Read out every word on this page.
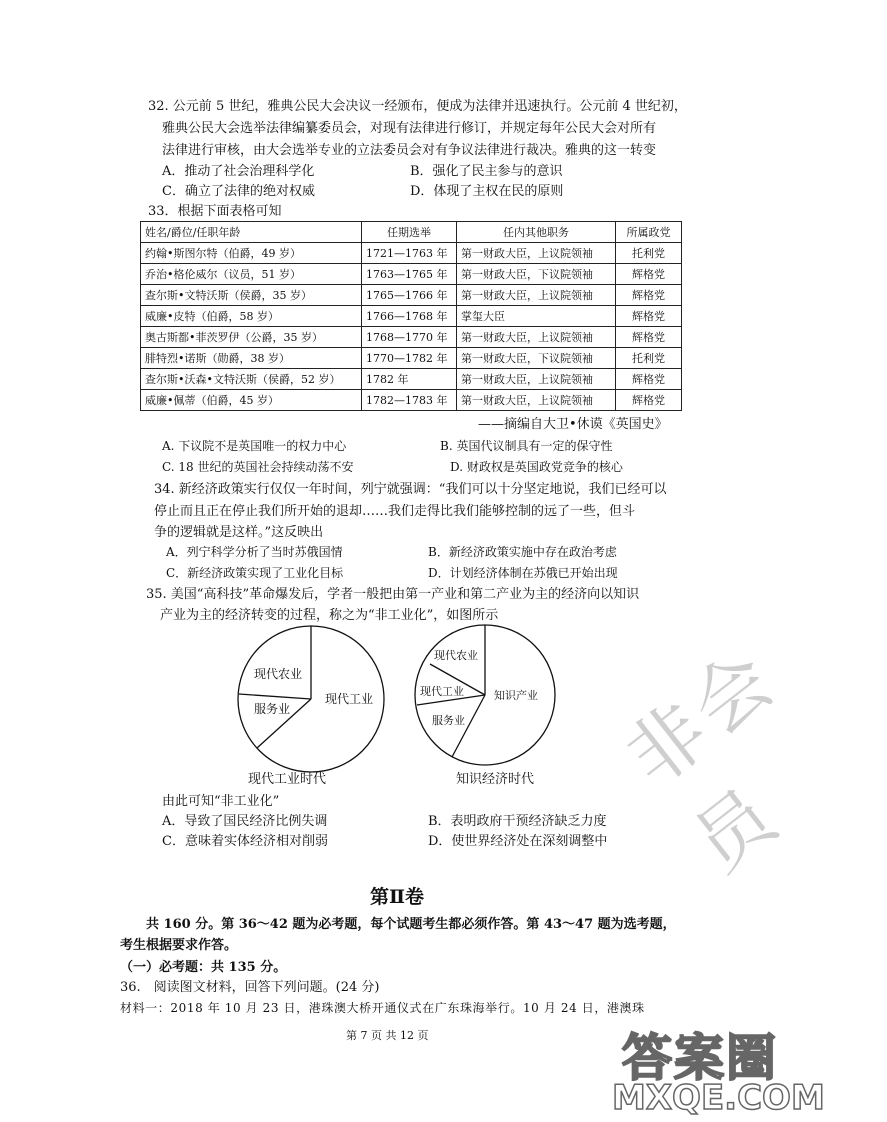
非会员
32. 公元前 5 世纪，雅典公民大会决议一经颁布，便成为法律并迅速执行。公元前 4 世纪初，
雅典公民大会选举法律编纂委员会，对现有法律进行修订，并规定每年公民大会对所有
法律进行审核，由大会选举专业的立法委员会对有争议法律进行裁决。雅典的这一转变
A．推动了社会治理科学化	B．强化了民主参与的意识
C．确立了法律的绝对权威	D．体现了主权在民的原则
33．根据下面表格可知
姓名/爵位/任职年龄	任期选举	任内其他职务	所属政党
约翰•斯图尔特（伯爵，49 岁）	1721—1763 年	第一财政大臣，上议院领袖	托利党
乔治•格伦威尔（议员，51 岁）	1763—1765 年	第一财政大臣，下议院领袖	辉格党
查尔斯•文特沃斯（侯爵，35 岁）	1765—1766 年	第一财政大臣，上议院领袖	辉格党
威廉•皮特（伯爵，58 岁）	1766—1768 年	掌玺大臣	辉格党
奥古斯都•菲茨罗伊（公爵，35 岁）	1768—1770 年	第一财政大臣，上议院领袖	辉格党
腓特烈•诺斯（勋爵，38 岁）	1770—1782 年	第一财政大臣，下议院领袖	托利党
查尔斯•沃森•文特沃斯（侯爵，52 岁）	1782 年	第一财政大臣，上议院领袖	辉格党
威廉•佩蒂（伯爵，45 岁）	1782—1783 年	第一财政大臣，上议院领袖	辉格党
——摘编自大卫•休谟《英国史》
A. 下议院不是英国唯一的权力中心	B. 英国代议制具有一定的保守性
C. 18 世纪的英国社会持续动荡不安	D. 财政权是英国政党竞争的核心
34. 新经济政策实行仅仅一年时间，列宁就强调：“我们可以十分坚定地说，我们已经可以
停止而且正在停止我们所开始的退却……我们走得比我们能够控制的远了一些，但斗
争的逻辑就是这样。”这反映出
A．列宁科学分析了当时苏俄国情	B．新经济政策实施中存在政治考虑
C．新经济政策实现了工业化目标	D．计划经济体制在苏俄已开始出现
35. 美国“高科技”革命爆发后，学者一般把由第一产业和第二产业为主的经济向以知识
产业为主的经济转变的过程，称之为“非工业化”，如图所示
现代农业
服务业
现代工业
现代农业
现代工业
服务业
知识产业
现代工业时代	知识经济时代
由此可知“非工业化”
A．导致了国民经济比例失调	B．表明政府干预经济缺乏力度
C．意味着实体经济相对削弱	D．使世界经济处在深刻调整中
第Ⅱ卷
共 160 分。第 36～42 题为必考题，每个试题考生都必须作答。第 43～47 题为选考题，
考生根据要求作答。
（一）必考题：共 135 分。
36.　阅读图文材料，回答下列问题。(24 分)
材料一：2018 年 10 月 23 日，港珠澳大桥开通仪式在广东珠海举行。10 月 24 日，港澳珠
第 7 页 共 12 页	答案圈
MXQE.COM
